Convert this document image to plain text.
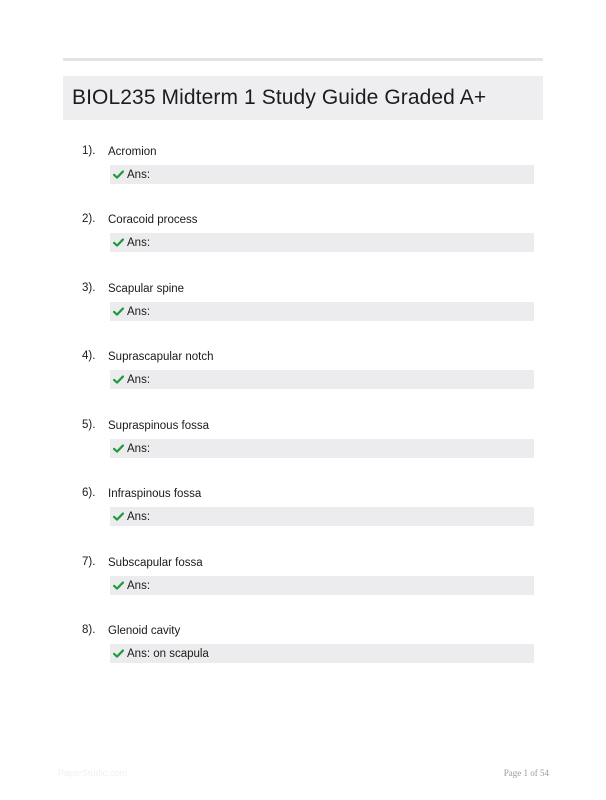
BIOL235 Midterm 1 Study Guide Graded A+
1). Acromion
Ans:
2). Coracoid process
Ans:
3). Scapular spine
Ans:
4). Suprascapular notch
Ans:
5). Supraspinous fossa
Ans:
6). Infraspinous fossa
Ans:
7). Subscapular fossa
Ans:
8). Glenoid cavity
Ans: on scapula
PaperStudio.com	Page 1 of 54
